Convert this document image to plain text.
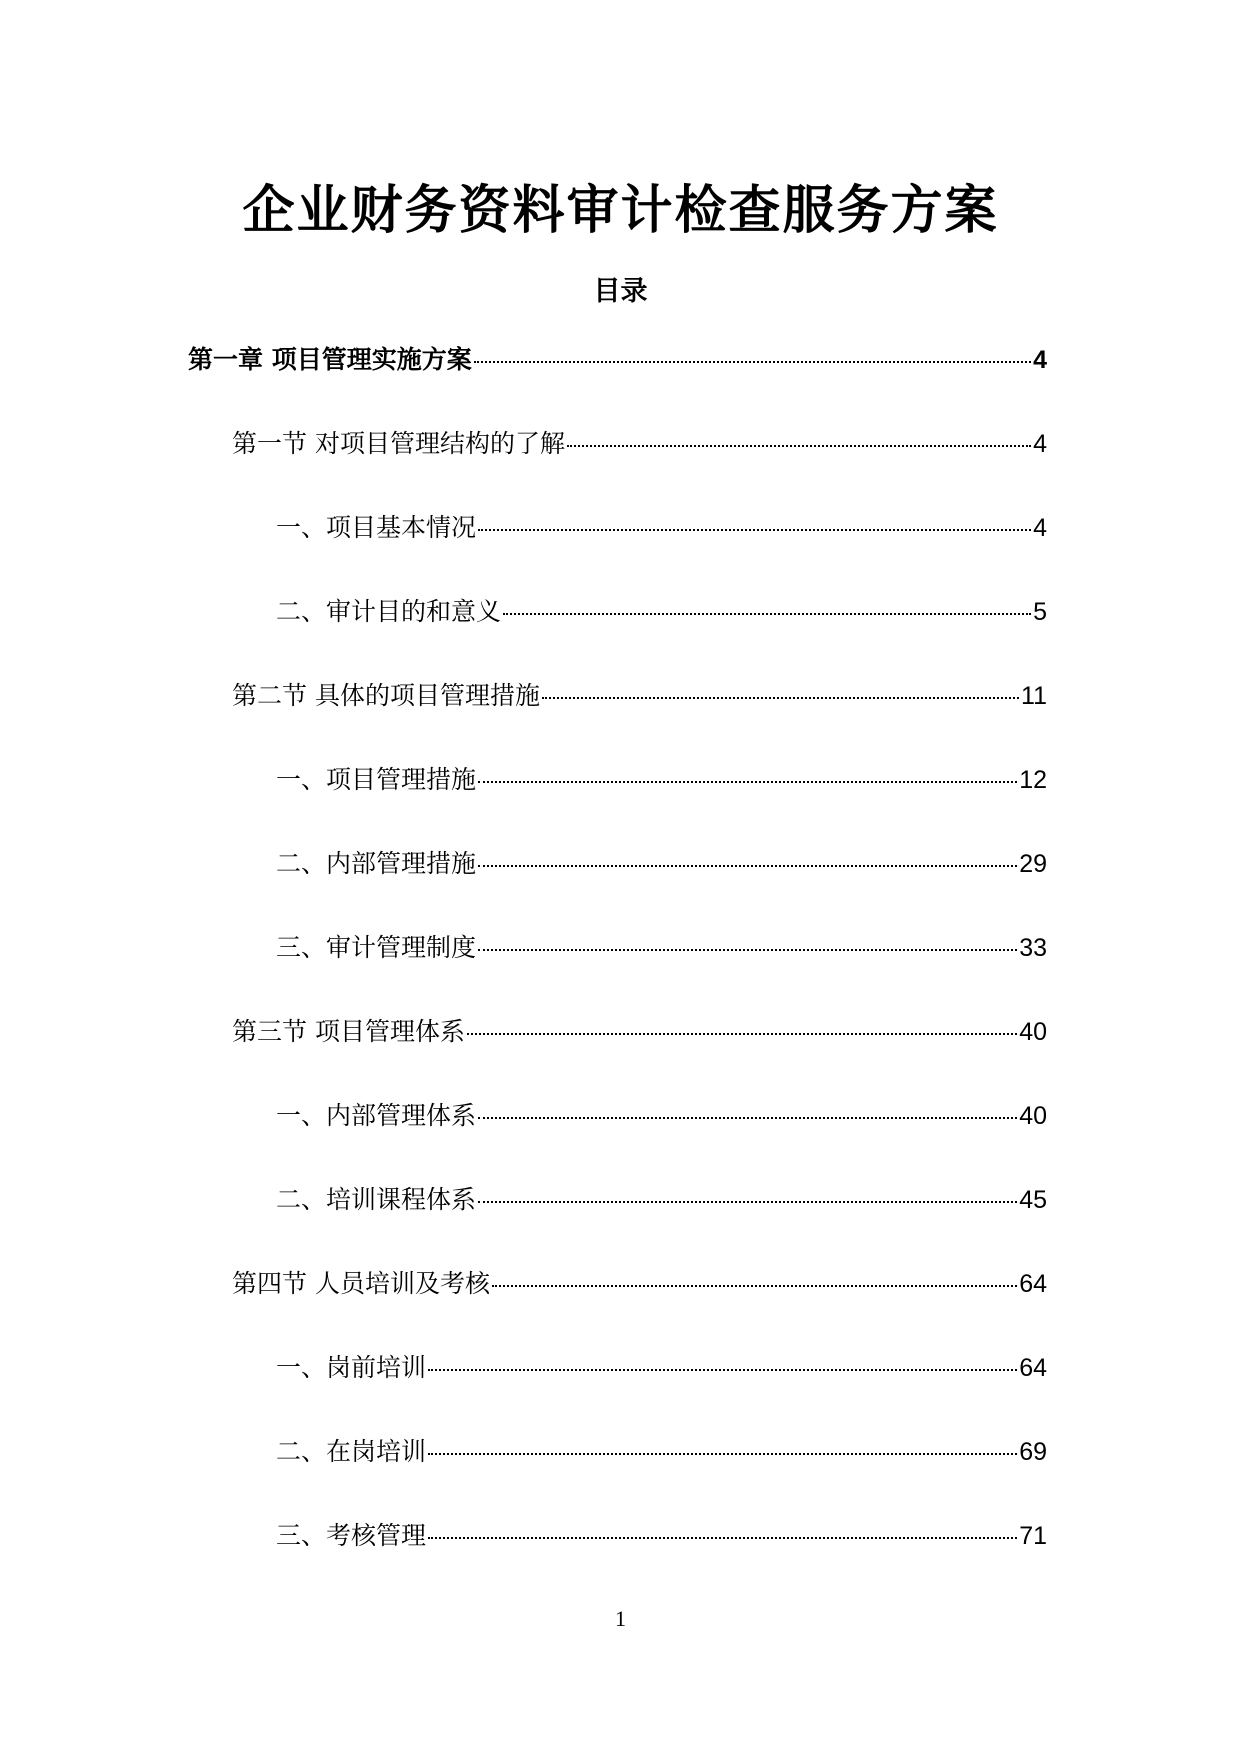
企业财务资料审计检查服务方案
目录
第一章 项目管理实施方案	4
第一节 对项目管理结构的了解	4
一、项目基本情况	4
二、审计目的和意义	5
第二节 具体的项目管理措施	11
一、项目管理措施	12
二、内部管理措施	29
三、审计管理制度	33
第三节 项目管理体系	40
一、内部管理体系	40
二、培训课程体系	45
第四节 人员培训及考核	64
一、岗前培训	64
二、在岗培训	69
三、考核管理	71
1
